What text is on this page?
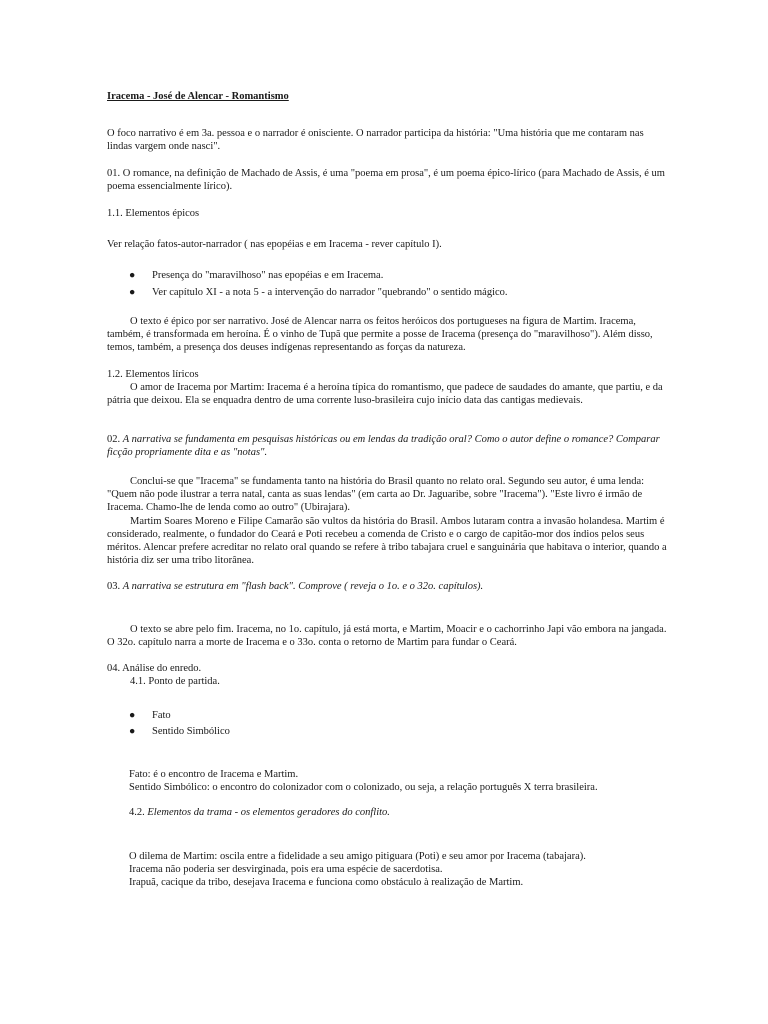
Iracema - José de Alencar - Romantismo

O foco narrativo é em 3a. pessoa e o narrador é onisciente. O narrador participa da história: "Uma história que me contaram nas lindas vargem onde nasci".

01. O romance, na definição de Machado de Assis, é uma "poema em prosa", é um poema épico-lírico (para Machado de Assis, é um poema essencialmente lírico).

1.1. Elementos épicos

Ver relação fatos-autor-narrador ( nas epopéias e em Iracema - rever capítulo I).

● Presença do "maravilhoso" nas epopéias e em Iracema.
● Ver capítulo XI - a nota 5 - a intervenção do narrador "quebrando" o sentido mágico.

O texto é épico por ser narrativo. José de Alencar narra os feitos heróicos dos portugueses na figura de Martim. Iracema, também, é transformada em heroína. É o vinho de Tupã que permite a posse de Iracema (presença do "maravilhoso"). Além disso, temos, também, a presença dos deuses indígenas representando as forças da natureza.

1.2. Elementos líricos

O amor de Iracema por Martim: Iracema é a heroína típica do romantismo, que padece de saudades do amante, que partiu, e da pátria que deixou. Ela se enquadra dentro de uma corrente luso-brasileira cujo início data das cantigas medievais.

02. A narrativa se fundamenta em pesquisas históricas ou em lendas da tradição oral? Como o autor define o romance? Comparar ficção propriamente dita e as "notas".

Conclui-se que "Iracema" se fundamenta tanto na história do Brasil quanto no relato oral. Segundo seu autor, é uma lenda: "Quem não pode ilustrar a terra natal, canta as suas lendas" (em carta ao Dr. Jaguaribe, sobre "Iracema"). "Este livro é irmão de Iracema. Chamo-lhe de lenda como ao outro" (Ubirajara).

Martim Soares Moreno e Filipe Camarão são vultos da história do Brasil. Ambos lutaram contra a invasão holandesa. Martim é considerado, realmente, o fundador do Ceará e Poti recebeu a comenda de Cristo e o cargo de capitão-mor dos índios pelos seus méritos. Alencar prefere acreditar no relato oral quando se refere à tribo tabajara cruel e sanguinária que habitava o interior, quando a história diz ser uma tribo litorânea.

03. A narrativa se estrutura em "flash back". Comprove ( reveja o 1o. e o 32o. capítulos).

O texto se abre pelo fim. Iracema, no 1o. capítulo, já está morta, e Martim, Moacir e o cachorrinho Japi vão embora na jangada. O 32o. capítulo narra a morte de Iracema e o 33o. conta o retorno de Martim para fundar o Ceará.

04. Análise do enredo.

4.1. Ponto de partida.

● Fato
● Sentido Simbólico

Fato: é o encontro de Iracema e Martim.

Sentido Simbólico: o encontro do colonizador com o colonizado, ou seja, a relação português X terra brasileira.

4.2. Elementos da trama - os elementos geradores do conflito.

O dilema de Martim: oscila entre a fidelidade a seu amigo pitiguara (Poti) e seu amor por Iracema (tabajara).

Iracema não poderia ser desvirginada, pois era uma espécie de sacerdotisa.

Irapuã, cacique da tribo, desejava Iracema e funciona como obstáculo à realização de Martim.
